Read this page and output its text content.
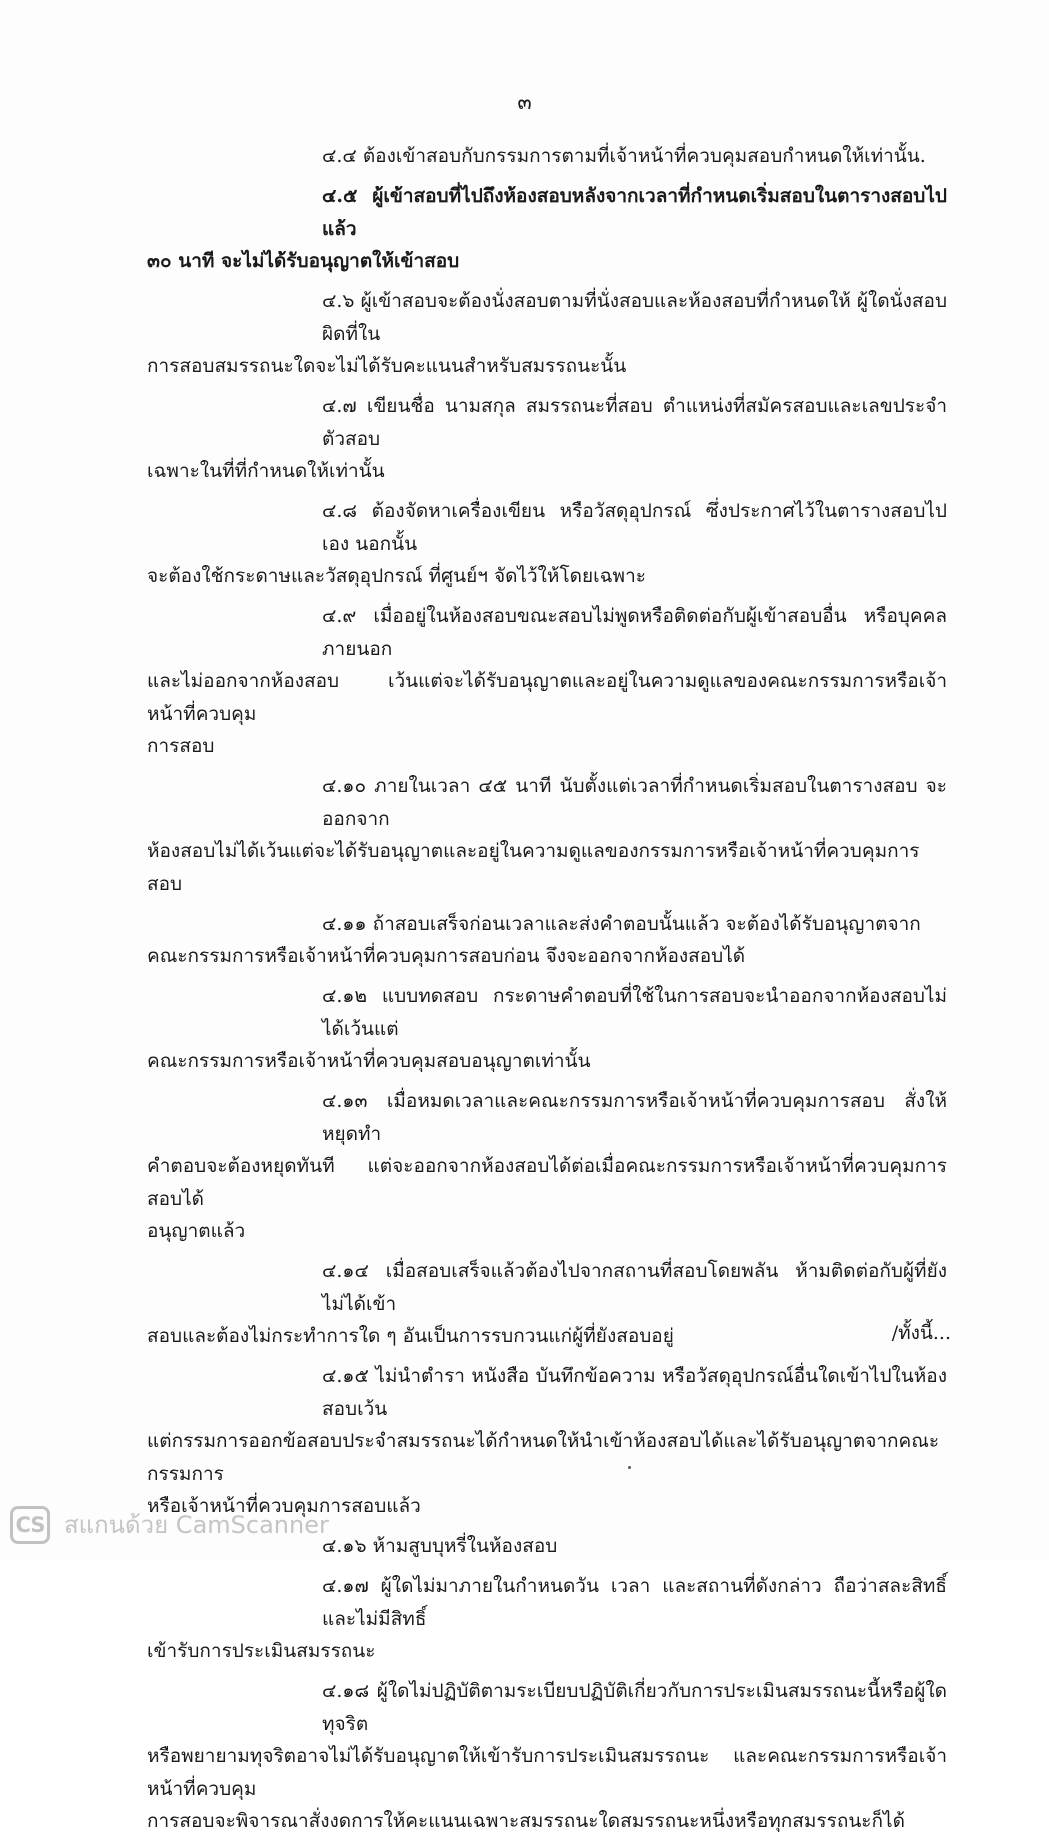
๓
๔.๔ ต้องเข้าสอบกับกรรมการตามที่เจ้าหน้าที่ควบคุมสอบกำหนดให้เท่านั้น.
๔.๕ ผู้เข้าสอบที่ไปถึงห้องสอบหลังจากเวลาที่กำหนดเริ่มสอบในตารางสอบไปแล้ว
๓๐ นาที จะไม่ได้รับอนุญาตให้เข้าสอบ
๔.๖ ผู้เข้าสอบจะต้องนั่งสอบตามที่นั่งสอบและห้องสอบที่กำหนดให้ ผู้ใดนั่งสอบผิดที่ใน
การสอบสมรรถนะใดจะไม่ได้รับคะแนนสำหรับสมรรถนะนั้น
๔.๗ เขียนชื่อ นามสกุล สมรรถนะที่สอบ ตำแหน่งที่สมัครสอบและเลขประจำตัวสอบ
เฉพาะในที่ที่กำหนดให้เท่านั้น
๔.๘ ต้องจัดหาเครื่องเขียน หรือวัสดุอุปกรณ์ ซึ่งประกาศไว้ในตารางสอบไปเอง นอกนั้น
จะต้องใช้กระดาษและวัสดุอุปกรณ์ ที่ศูนย์ฯ จัดไว้ให้โดยเฉพาะ
๔.๙ เมื่ออยู่ในห้องสอบขณะสอบไม่พูดหรือติดต่อกับผู้เข้าสอบอื่น หรือบุคคลภายนอก
และไม่ออกจากห้องสอบ เว้นแต่จะได้รับอนุญาตและอยู่ในความดูแลของคณะกรรมการหรือเจ้าหน้าที่ควบคุม
การสอบ
๔.๑๐ ภายในเวลา ๔๕ นาที นับตั้งแต่เวลาที่กำหนดเริ่มสอบในตารางสอบ จะออกจาก
ห้องสอบไม่ได้เว้นแต่จะได้รับอนุญาตและอยู่ในความดูแลของกรรมการหรือเจ้าหน้าที่ควบคุมการสอบ
๔.๑๑ ถ้าสอบเสร็จก่อนเวลาและส่งคำตอบนั้นแล้ว จะต้องได้รับอนุญาตจาก
คณะกรรมการหรือเจ้าหน้าที่ควบคุมการสอบก่อน จึงจะออกจากห้องสอบได้
๔.๑๒ แบบทดสอบ กระดาษคำตอบที่ใช้ในการสอบจะนำออกจากห้องสอบไม่ได้เว้นแต่
คณะกรรมการหรือเจ้าหน้าที่ควบคุมสอบอนุญาตเท่านั้น
๔.๑๓ เมื่อหมดเวลาและคณะกรรมการหรือเจ้าหน้าที่ควบคุมการสอบ สั่งให้หยุดทำ
คำตอบจะต้องหยุดทันที แต่จะออกจากห้องสอบได้ต่อเมื่อคณะกรรมการหรือเจ้าหน้าที่ควบคุมการสอบได้
อนุญาตแล้ว
๔.๑๔ เมื่อสอบเสร็จแล้วต้องไปจากสถานที่สอบโดยพลัน ห้ามติดต่อกับผู้ที่ยังไม่ได้เข้า
สอบและต้องไม่กระทำการใด ๆ อันเป็นการรบกวนแก่ผู้ที่ยังสอบอยู่
๔.๑๕ ไม่นำตำรา หนังสือ บันทึกข้อความ หรือวัสดุอุปกรณ์อื่นใดเข้าไปในห้องสอบเว้น
แต่กรรมการออกข้อสอบประจำสมรรถนะได้กำหนดให้นำเข้าห้องสอบได้และได้รับอนุญาตจากคณะกรรมการ
หรือเจ้าหน้าที่ควบคุมการสอบแล้ว
๔.๑๖ ห้ามสูบบุหรี่ในห้องสอบ
๔.๑๗ ผู้ใดไม่มาภายในกำหนดวัน เวลา และสถานที่ดังกล่าว ถือว่าสละสิทธิ์และไม่มีสิทธิ์
เข้ารับการประเมินสมรรถนะ
๔.๑๘ ผู้ใดไม่ปฏิบัติตามระเบียบปฏิบัติเกี่ยวกับการประเมินสมรรถนะนี้หรือผู้ใดทุจริต
หรือพยายามทุจริตอาจไม่ได้รับอนุญาตให้เข้ารับการประเมินสมรรถนะ และคณะกรรมการหรือเจ้าหน้าที่ควบคุม
การสอบจะพิจารณาสั่งงดการให้คะแนนเฉพาะสมรรถนะใดสมรรถนะหนึ่งหรือทุกสมรรถนะก็ได้
/ทั้งนี้...
CS สแกนด้วย CamScanner
